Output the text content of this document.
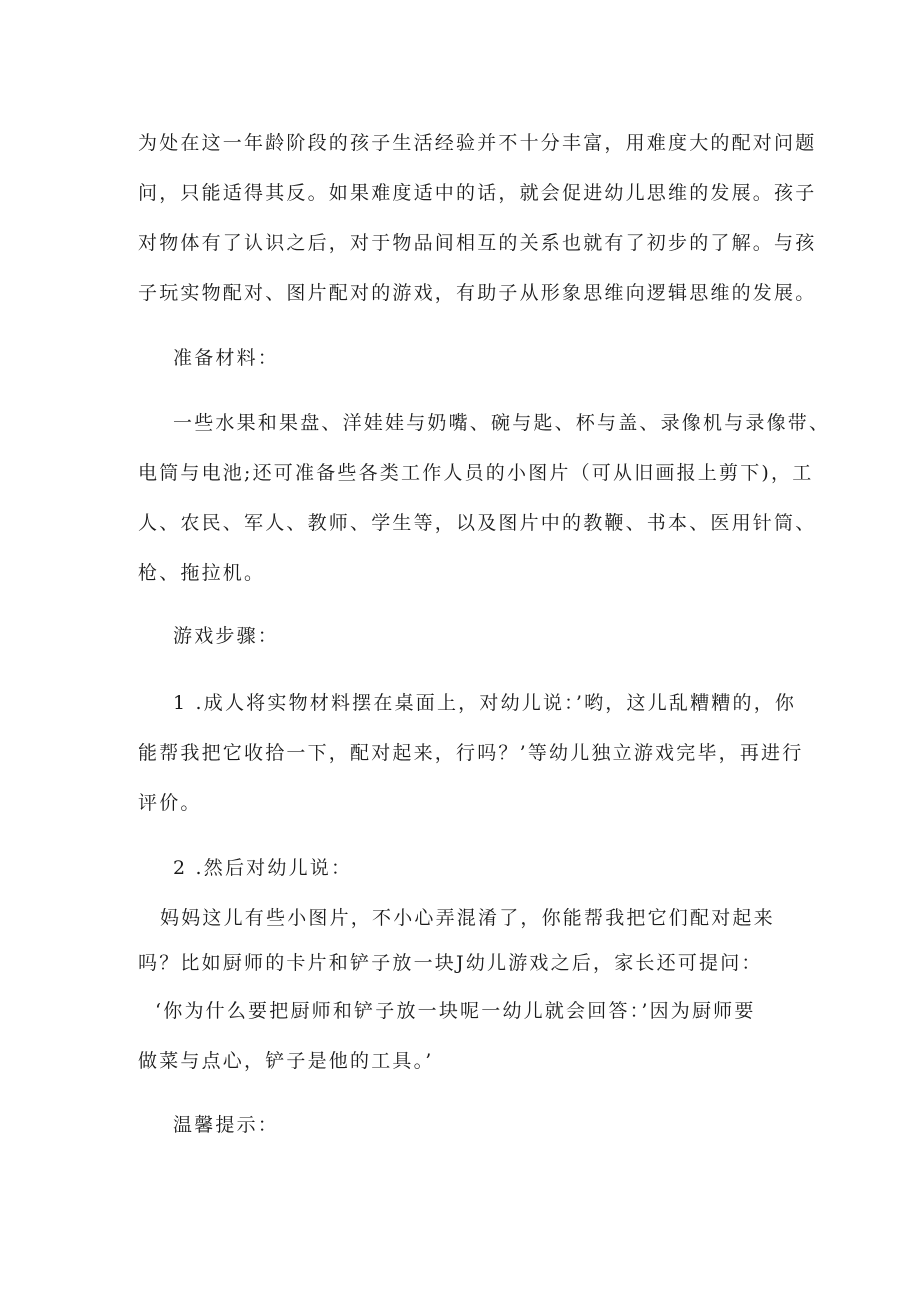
为处在这一年龄阶段的孩子生活经验并不十分丰富，用难度大的配对问题
问，只能适得其反。如果难度适中的话，就会促进幼儿思维的发展。孩子
对物体有了认识之后，对于物品间相互的关系也就有了初步的了解。与孩
子玩实物配对、图片配对的游戏，有助子从形象思维向逻辑思维的发展。
准备材料：
一些水果和果盘、洋娃娃与奶嘴、碗与匙、杯与盖、录像机与录像带、
电筒与电池;还可准备些各类工作人员的小图片（可从旧画报上剪下)，工
人、农民、军人、教师、学生等，以及图片中的教鞭、书本、医用针筒、
枪、拖拉机。
游戏步骤：
1 .成人将实物材料摆在桌面上，对幼儿说：’哟，这儿乱糟糟的，你
能帮我把它收拾一下，配对起来，行吗？’等幼儿独立游戏完毕，再进行
评价。
2 .然后对幼儿说：
妈妈这儿有些小图片，不小心弄混淆了，你能帮我把它们配对起来
吗？比如厨师的卡片和铲子放一块J幼儿游戏之后，家长还可提问：
‘你为什么要把厨师和铲子放一块呢一幼儿就会回答：’因为厨师要
做菜与点心，铲子是他的工具。’
温馨提示：
